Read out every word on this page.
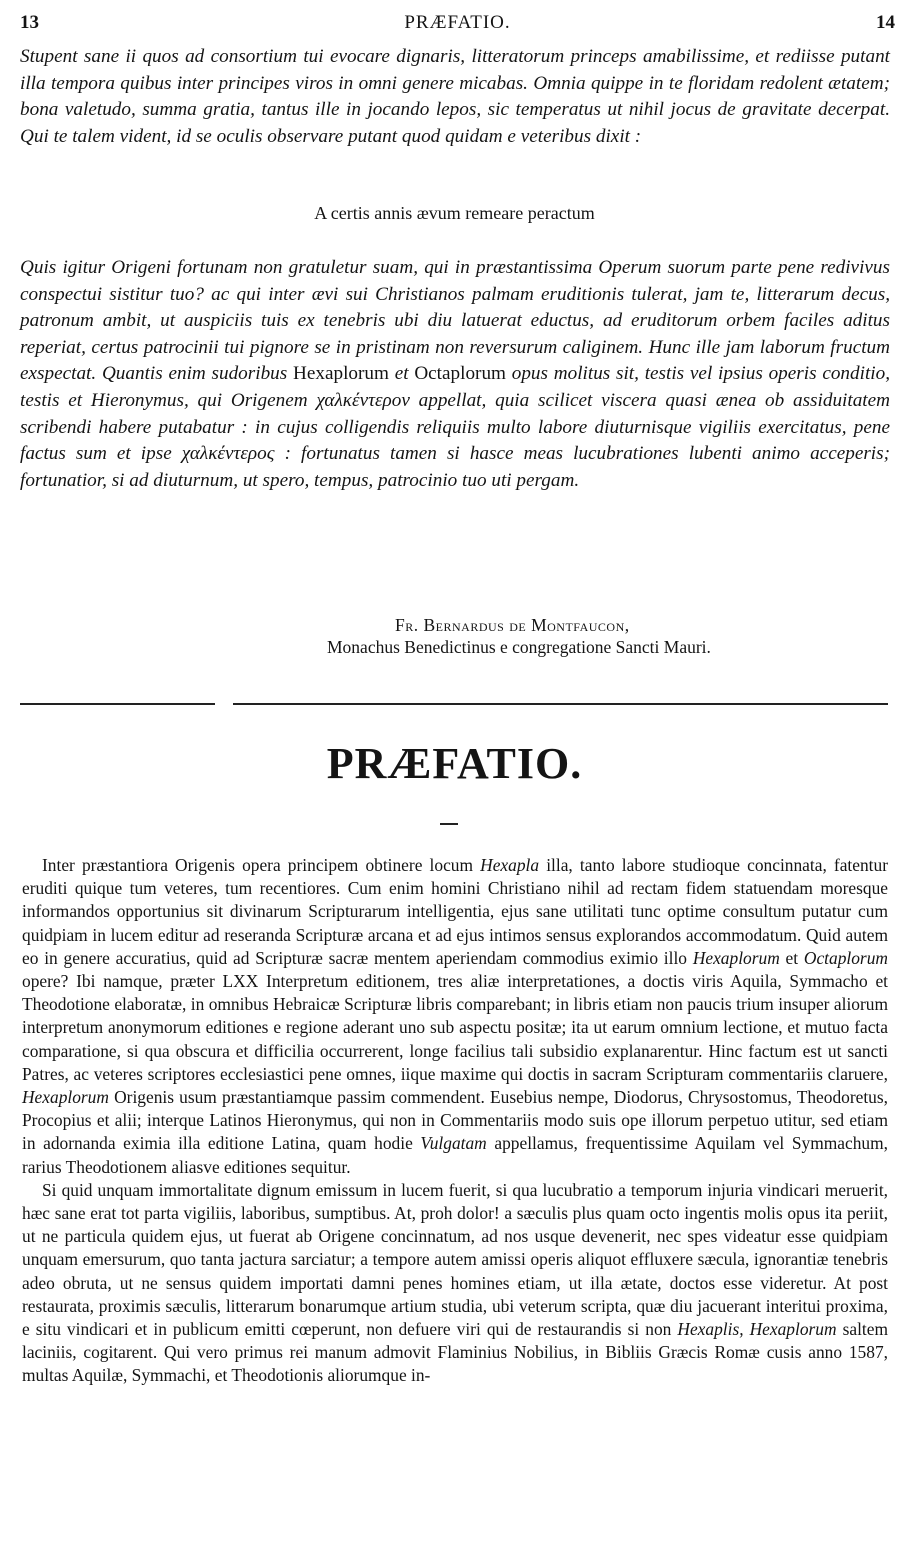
13	PRÆFATIO.	14
Stupent sane ii quos ad consortium tui evocare dignaris, litteratorum princeps amabilissime, et rediisse putant illa tempora quibus inter principes viros in omni genere micabas. Omnia quippe in te floridam redolent ætatem; bona valetudo, summa gratia, tantus ille in jocando lepos, sic temperatus ut nihil jocus de gravitate decerpat. Qui te talem vident, id se oculis observare putant quod quidam e veteribus dixit :
A certis annis ævum remeare peractum
Quis igitur Origeni fortunam non gratuletur suam, qui in præstantissima Operum suorum parte pene redivivus conspectui sistitur tuo? ac qui inter ævi sui Christianos palmam eruditionis tulerat, jam te, litterarum decus, patronum ambit, ut auspiciis tuis ex tenebris ubi diu latuerat eductus, ad eruditorum orbem faciles aditus reperiat, certus patrocinii tui pignore se in pristinam non reversurum caliginem. Hunc ille jam laborum fructum exspectat. Quantis enim sudoribus Hexaplorum et Octaplorum opus molitus sit, testis vel ipsius operis conditio, testis et Hieronymus, qui Origenem χαλκέντερον appellat, quia scilicet viscera quasi ænea ob assiduitatem scribendi habere putabatur : in cujus colligendis reliquiis multo labore diuturnisque vigiliis exercitatus, pene factus sum et ipse χαλκέντερος : fortunatus tamen si hasce meas lucubrationes lubenti animo acceperis; fortunatior, si ad diuturnum, ut spero, tempus, patrocinio tuo uti pergam.
Fr. Bernardus de Montfaucon,
Monachus Benedictinus e congregatione Sancti Mauri.
PRÆFATIO.

Inter præstantiora Origenis opera principem obtinere locum Hexapla illa, tanto labore studioque concinnata, fatentur eruditi quique tum veteres, tum recentiores. Cum enim homini Christiano nihil ad rectam fidem statuendam moresque informandos opportunius sit divinarum Scripturarum intelligentia, ejus sane utilitati tunc optime consultum putatur cum quidpiam in lucem editur ad reseranda Scripturæ arcana et ad ejus intimos sensus explorandos accommodatum. Quid autem eo in genere accuratius, quid ad Scripturæ sacræ mentem aperiendam commodius eximio illo Hexaplorum et Octaplorum opere? Ibi namque, præter LXX Interpretum editionem, tres aliæ interpretationes, a doctis viris Aquila, Symmacho et Theodotione elaboratæ, in omnibus Hebraicæ Scripturæ libris comparebant; in libris etiam non paucis trium insuper aliorum interpretum anonymorum editiones e regione aderant uno sub aspectu positæ; ita ut earum omnium lectione, et mutuo facta comparatione, si qua obscura et difficilia occurrerent, longe facilius tali subsidio explanarentur. Hinc factum est ut sancti Patres, ac veteres scriptores ecclesiastici pene omnes, iique maxime qui doctis in sacram Scripturam commentariis claruere, Hexaplorum Origenis usum præstantiamque passim commendent. Eusebius nempe, Diodorus, Chrysostomus, Theodoretus, Procopius et alii; interque Latinos Hieronymus, qui non in Commentariis modo suis ope illorum perpetuo utitur, sed etiam in adornanda eximia illa editione Latina, quam hodie Vulgatam appellamus, frequentissime Aquilam vel Symmachum, rarius Theodotionem aliasve editiones sequitur.

Si quid unquam immortalitate dignum emissum in lucem fuerit, si qua lucubratio a temporum injuria vindicari meruerit, hæc sane erat tot parta vigiliis, laboribus, sumptibus. At, proh dolor! a sæculis plus quam octo ingentis molis opus ita periit, ut ne particula quidem ejus, ut fuerat ab Origene concinnatum, ad nos usque devenerit, nec spes videatur esse quidpiam unquam emersurum, quo tanta jactura sarciatur; a tempore autem amissi operis aliquot effluxere sæcula, ignorantiæ tenebris adeo obruta, ut ne sensus quidem importati damni penes homines etiam, ut illa ætate, doctos esse videretur. At post restaurata, proximis sæculis, litterarum bonarumque artium studia, ubi veterum scripta, quæ diu jacuerant interitui proxima, e situ vindicari et in publicum emitti cœperunt, non defuere viri qui de restaurandis si non Hexaplis, Hexaplorum saltem laciniis, cogitarent. Qui vero primus rei manum admovit Flaminius Nobilius, in Bibliis Græcis Romæ cusis anno 1587, multas Aquilæ, Symmachi, et Theodotionis aliorumque in-
